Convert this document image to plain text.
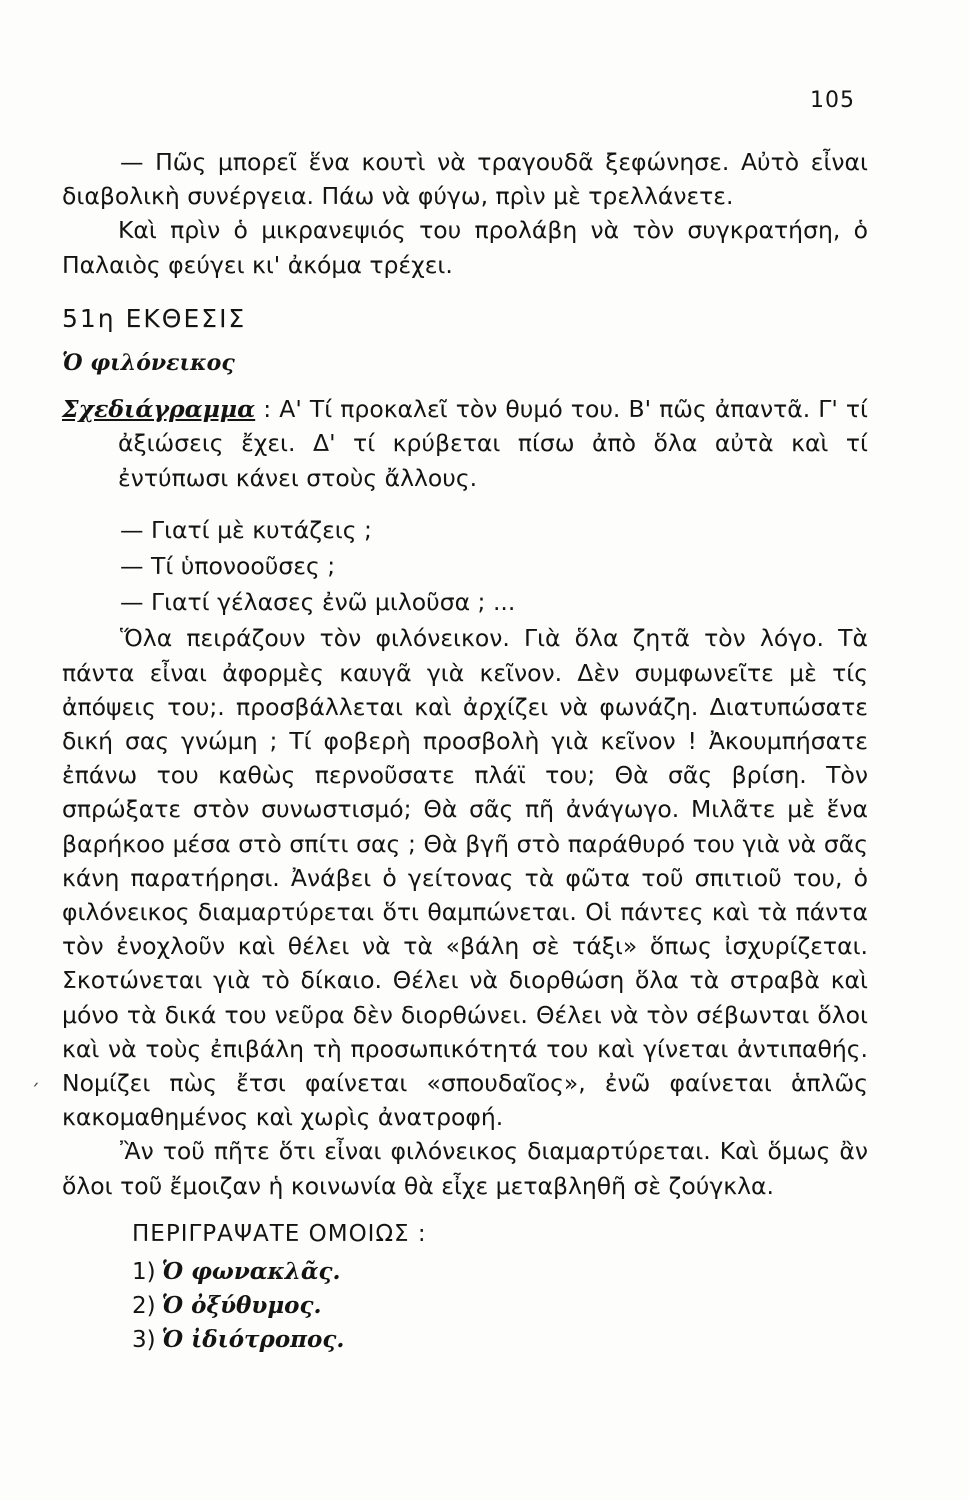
105

— Πῶς μπορεῖ ἕνα κουτὶ νὰ τραγουδᾶ ξεφώνησε. Αὐτὸ εἶναι διαβολικὴ συνέργεια. Πάω νὰ φύγω, πρὶν μὲ τρελλάνετε.

Καὶ πρὶν ὁ μικρανεψιός του προλάβη νὰ τὸν συγκρατήση, ὁ Παλαιὸς φεύγει κι' ἀκόμα τρέχει.

51η ΕΚΘΕΣΙΣ

Ὁ φιλόνεικος

Σχεδιάγραμμα : Α' Τί προκαλεῖ τὸν θυμό του. Β' πῶς ἀπαντᾶ. Γ' τί ἀξιώσεις ἔχει. Δ' τί κρύβεται πίσω ἀπὸ ὅλα αὐτὰ καὶ τί ἐντύπωσι κάνει στοὺς ἄλλους.

— Γιατί μὲ κυτάζεις ;

— Τί ὑπονοοῦσες ;

— Γιατί γέλασες ἐνῶ μιλοῦσα ; ...

Ὅλα πειράζουν τὸν φιλόνεικον. Γιὰ ὅλα ζητᾶ τὸν λόγο. Τὰ πάντα εἶναι ἀφορμὲς καυγᾶ γιὰ κεῖνον. Δὲν συμφωνεῖτε μὲ τίς ἀπόψεις του;. προσβάλλεται καὶ ἀρχίζει νὰ φωνάζη. Διατυπώσατε δική σας γνώμη ; Τί φοβερὴ προσβολὴ γιὰ κεῖνον ! Ἀκουμπήσατε ἐπάνω του καθὼς περνοῦσατε πλάϊ του; Θὰ σᾶς βρίση. Τὸν σπρώξατε στὸν συνωστισμό; Θὰ σᾶς πῆ ἀνάγωγο. Μιλᾶτε μὲ ἕνα βαρήκοο μέσα στὸ σπίτι σας ; Θὰ βγῆ στὸ παράθυρό του γιὰ νὰ σᾶς κάνη παρατήρησι. Ἀνάβει ὁ γείτονας τὰ φῶτα τοῦ σπιτιοῦ του, ὁ φιλόνεικος διαμαρτύρεται ὅτι θαμπώνεται. Οἱ πάντες καὶ τὰ πάντα τὸν ἐνοχλοῦν καὶ θέλει νὰ τὰ «βάλη σὲ τάξι» ὅπως ἰσχυρίζεται. Σκοτώνεται γιὰ τὸ δίκαιο. Θέλει νὰ διορθώση ὅλα τὰ στραβὰ καὶ μόνο τὰ δικά του νεῦρα δὲν διορθώνει. Θέλει νὰ τὸν σέβωνται ὅλοι καὶ νὰ τοὺς ἐπιβάλη τὴ προσωπικότητά του καὶ γίνεται ἀντιπαθής. Νομίζει πὼς ἔτσι φαίνεται «σπουδαῖος», ἐνῶ φαίνεται ἁπλῶς κακομαθημένος καὶ χωρὶς ἀνατροφή.

Ἂν τοῦ πῆτε ὅτι εἶναι φιλόνεικος διαμαρτύρεται. Καὶ ὅμως ἂν ὅλοι τοῦ ἔμοιζαν ἡ κοινωνία θὰ εἶχε μεταβληθῆ σὲ ζούγκλα.

ΠΕΡΙΓΡΑΨΑΤΕ ΟΜΟΙΩΣ :

1) Ὁ φωνακλᾶς.
2) Ὁ ὀξύθυμος.
3) Ὁ ἰδιότροπος.
´
